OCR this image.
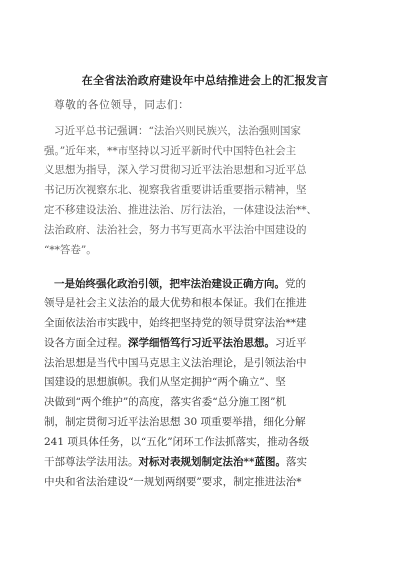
在全省法治政府建设年中总结推进会上的汇报发言
尊敬的各位领导，同志们：
习近平总书记强调：“法治兴则民族兴，法治强则国家
强。”近年来，**市坚持以习近平新时代中国特色社会主
义思想为指导，深入学习贯彻习近平法治思想和习近平总
书记历次视察东北、视察我省重要讲话重要指示精神，坚
定不移建设法治、推进法治、厉行法治，一体建设法治**、
法治政府、法治社会，努力书写更高水平法治中国建设的
“**答卷”。
一是始终强化政治引领，把牢法治建设正确方向。党的
领导是社会主义法治的最大优势和根本保证。我们在推进
全面依法治市实践中，始终把坚持党的领导贯穿法治**建
设各方面全过程。深学细悟笃行习近平法治思想。习近平
法治思想是当代中国马克思主义法治理论，是引领法治中
国建设的思想旗帜。我们从坚定拥护“两个确立”、坚
决做到“两个维护”的高度，落实省委“总分施工图”机
制，制定贯彻习近平法治思想 30 项重要举措，细化分解
241 项具体任务，以“五化”闭环工作法抓落实，推动各级
干部尊法学法用法。对标对表规划制定法治**蓝图。落实
中央和省法治建设“一规划两纲要”要求，制定推进法治*
